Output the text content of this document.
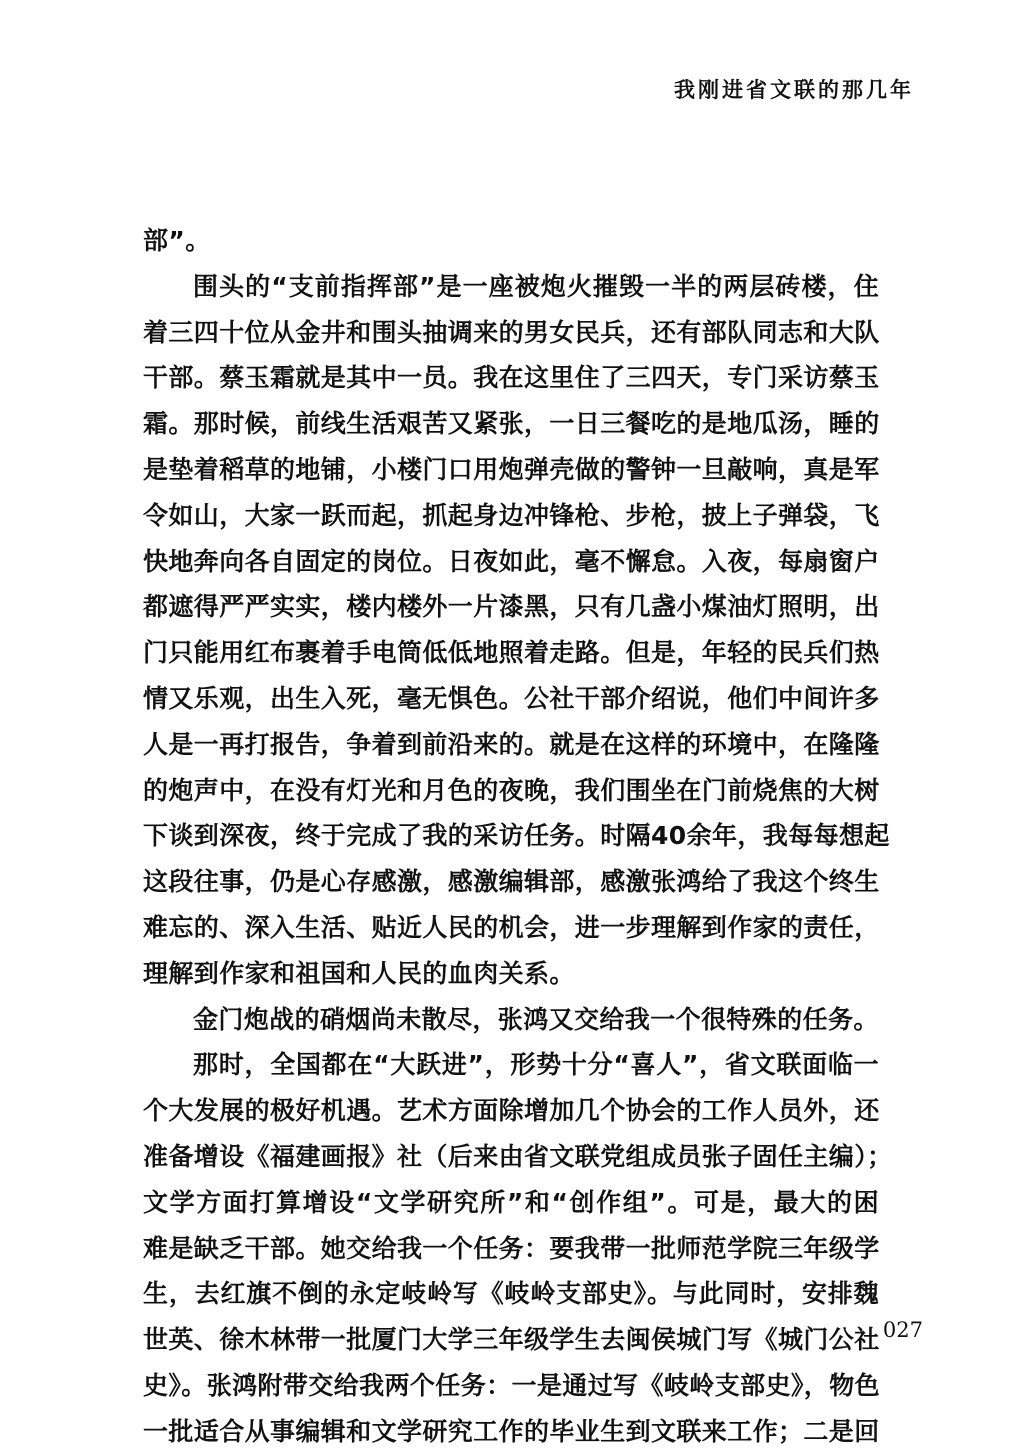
我刚进省文联的那几年
部”。
围头的“支前指挥部”是一座被炮火摧毁一半的两层砖楼，住
着三四十位从金井和围头抽调来的男女民兵，还有部队同志和大队
干部。蔡玉霜就是其中一员。我在这里住了三四天，专门采访蔡玉
霜。那时候，前线生活艰苦又紧张，一日三餐吃的是地瓜汤，睡的
是垫着稻草的地铺，小楼门口用炮弹壳做的警钟一旦敲响，真是军
令如山，大家一跃而起，抓起身边冲锋枪、步枪，披上子弹袋，飞
快地奔向各自固定的岗位。日夜如此，毫不懈怠。入夜，每扇窗户
都遮得严严实实，楼内楼外一片漆黑，只有几盏小煤油灯照明，出
门只能用红布裹着手电筒低低地照着走路。但是，年轻的民兵们热
情又乐观，出生入死，毫无惧色。公社干部介绍说，他们中间许多
人是一再打报告，争着到前沿来的。就是在这样的环境中，在隆隆
的炮声中，在没有灯光和月色的夜晚，我们围坐在门前烧焦的大树
下谈到深夜，终于完成了我的采访任务。时隔40余年，我每每想起
这段往事，仍是心存感激，感激编辑部，感激张鸿给了我这个终生
难忘的、深入生活、贴近人民的机会，进一步理解到作家的责任，
理解到作家和祖国和人民的血肉关系。
金门炮战的硝烟尚未散尽，张鸿又交给我一个很特殊的任务。
那时，全国都在“大跃进”，形势十分“喜人”，省文联面临一
个大发展的极好机遇。艺术方面除增加几个协会的工作人员外，还
准备增设《福建画报》社（后来由省文联党组成员张子固任主编）；
文学方面打算增设“文学研究所”和“创作组”。可是，最大的困
难是缺乏干部。她交给我一个任务：要我带一批师范学院三年级学
生，去红旗不倒的永定岐岭写《岐岭支部史》。与此同时，安排魏
世英、徐木林带一批厦门大学三年级学生去闽侯城门写《城门公社
史》。张鸿附带交给我两个任务：一是通过写《岐岭支部史》，物色
一批适合从事编辑和文学研究工作的毕业生到文联来工作；二是回
027
